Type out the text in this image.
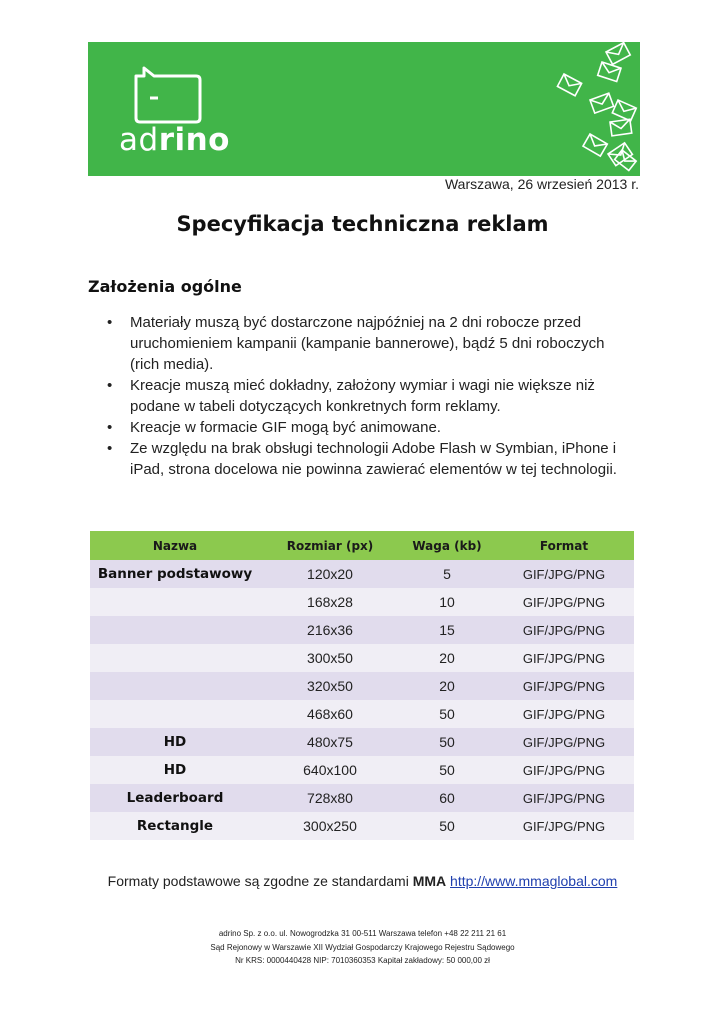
adrino
Warszawa, 26 wrzesień 2013 r.
Specyfikacja techniczna reklam
Założenia ogólne
• Materiały muszą być dostarczone najpóźniej na 2 dni robocze przed uruchomieniem kampanii (kampanie bannerowe), bądź 5 dni roboczych (rich media).
• Kreacje muszą mieć dokładny, założony wymiar i wagi nie większe niż podane w tabeli dotyczących konkretnych form reklamy.
• Kreacje w formacie GIF mogą być animowane.
• Ze względu na brak obsługi technologii Adobe Flash w Symbian, iPhone i iPad, strona docelowa nie powinna zawierać elementów w tej technologii.
Nazwa	Rozmiar (px)	Waga (kb)	Format
Banner podstawowy	120x20	5	GIF/JPG/PNG
	168x28	10	GIF/JPG/PNG
	216x36	15	GIF/JPG/PNG
	300x50	20	GIF/JPG/PNG
	320x50	20	GIF/JPG/PNG
	468x60	50	GIF/JPG/PNG
HD	480x75	50	GIF/JPG/PNG
HD	640x100	50	GIF/JPG/PNG
Leaderboard	728x80	60	GIF/JPG/PNG
Rectangle	300x250	50	GIF/JPG/PNG
Formaty podstawowe są zgodne ze standardami MMA http://www.mmaglobal.com
adrino Sp. z o.o. ul. Nowogrodzka 31 00-511 Warszawa telefon +48 22 211 21 61
Sąd Rejonowy w Warszawie XII Wydział Gospodarczy Krajowego Rejestru Sądowego
Nr KRS: 0000440428 NIP: 7010360353 Kapitał zakładowy: 50 000,00 zł
